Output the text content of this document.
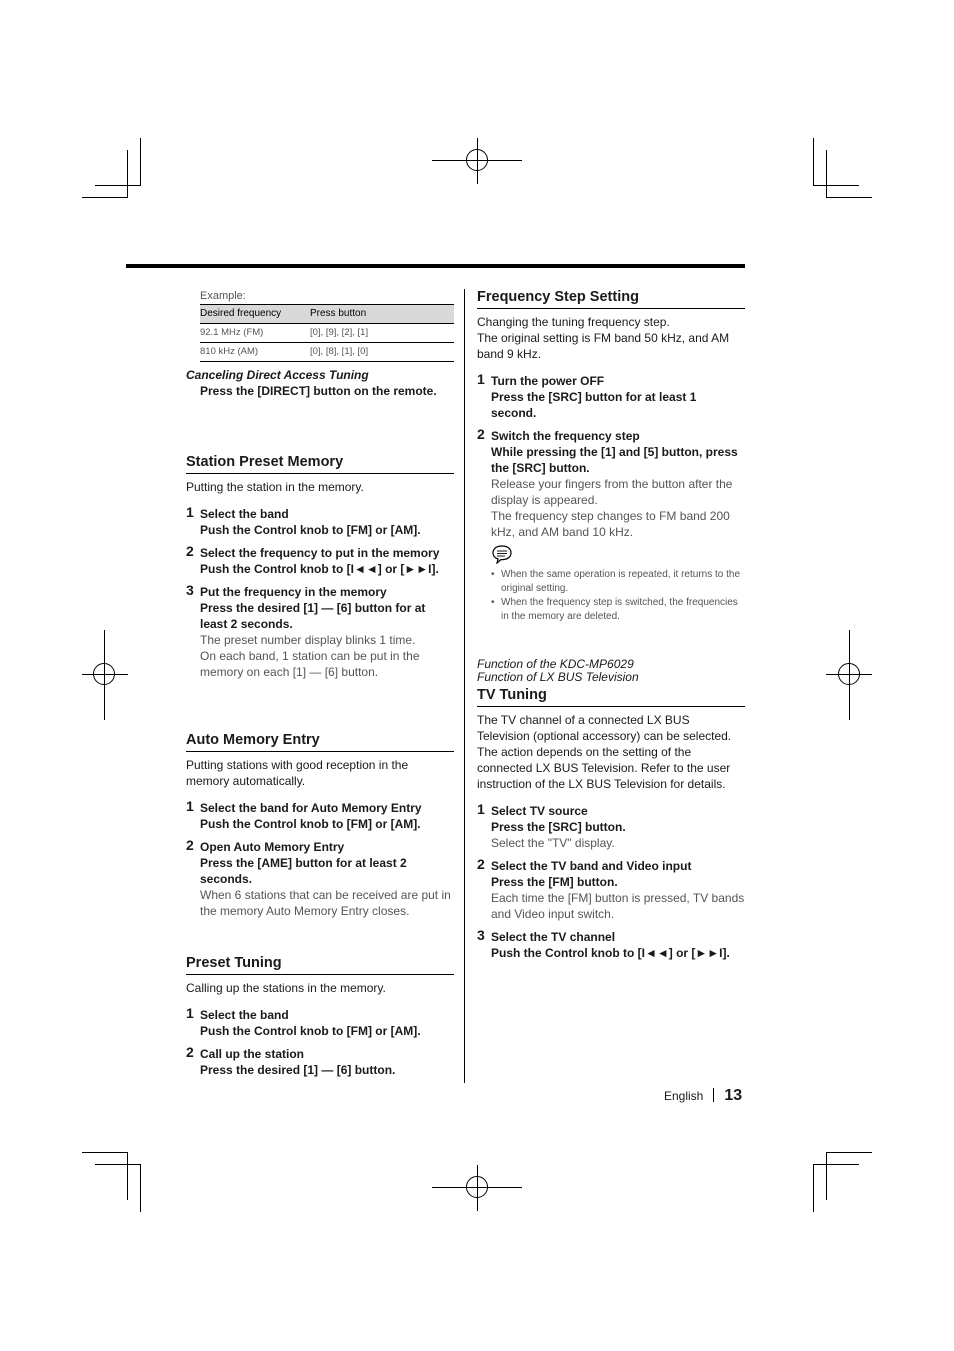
Example:
Desired frequency	Press button
92.1 MHz (FM)	[0], [9], [2], [1]
810 kHz (AM)	[0], [8], [1], [0]
Canceling Direct Access Tuning
Press the [DIRECT] button on the remote.
Station Preset Memory
Putting the station in the memory.
1 Select the band
Push the Control knob to [FM] or [AM].
2 Select the frequency to put in the memory
Push the Control knob to [I◄◄] or [►►I].
3 Put the frequency in the memory
Press the desired [1] — [6] button for at least 2 seconds.
The preset number display blinks 1 time.
On each band, 1 station can be put in the memory on each [1] — [6] button.
Auto Memory Entry
Putting stations with good reception in the memory automatically.
1 Select the band for Auto Memory Entry
Push the Control knob to [FM] or [AM].
2 Open Auto Memory Entry
Press the [AME] button for at least 2 seconds.
When 6 stations that can be received are put in the memory Auto Memory Entry closes.
Preset Tuning
Calling up the stations in the memory.
1 Select the band
Push the Control knob to [FM] or [AM].
2 Call up the station
Press the desired [1] — [6] button.
Frequency Step Setting
Changing the tuning frequency step.
The original setting is FM band 50 kHz, and AM band 9 kHz.
1 Turn the power OFF
Press the [SRC] button for at least 1 second.
2 Switch the frequency step
While pressing the [1] and [5] button, press the [SRC] button.
Release your fingers from the button after the display is appeared.
The frequency step changes to FM band 200 kHz, and AM band 10 kHz.
• When the same operation is repeated, it returns to the original setting.
• When the frequency step is switched, the frequencies in the memory are deleted.
Function of the KDC-MP6029
Function of LX BUS Television
TV Tuning
The TV channel of a connected LX BUS Television (optional accessory) can be selected.
The action depends on the setting of the connected LX BUS Television. Refer to the user instruction of the LX BUS Television for details.
1 Select TV source
Press the [SRC] button.
Select the "TV" display.
2 Select the TV band and Video input
Press the [FM] button.
Each time the [FM] button is pressed, TV bands and Video input switch.
3 Select the TV channel
Push the Control knob to [I◄◄] or [►►I].
English 13
